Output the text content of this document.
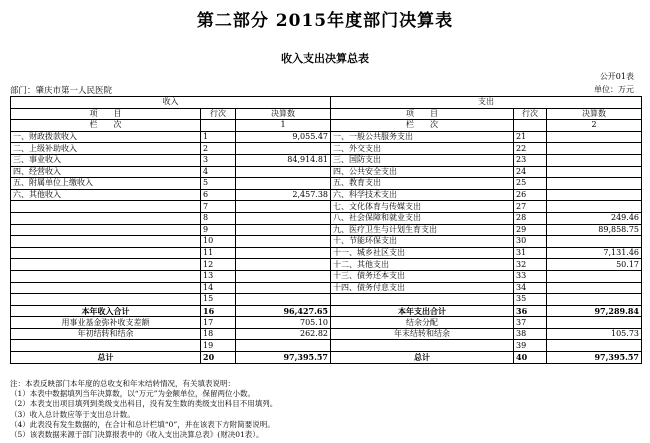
第二部分 2015年度部门决算表
收入支出决算总表
公开01表
部门：肇庆市第一人民医院	单位：万元
收入			支出		
项　　目	行次	决算数	项　　目	行次	决算数
栏　　次		1	栏　　次		2
一、财政拨款收入	1	9,055.47	一、一般公共服务支出	21	
二、上级补助收入	2		二、外交支出	22	
三、事业收入	3	84,914.81	三、国防支出	23	
四、经营收入	4		四、公共安全支出	24	
五、附属单位上缴收入	5		五、教育支出	25	
六、其他收入	6	2,457.38	六、科学技术支出	26	
	7		七、文化体育与传媒支出	27	
	8		八、社会保障和就业支出	28	249.46
	9		九、医疗卫生与计划生育支出	29	89,858.75
	10		十、节能环保支出	30	
	11		十一、城乡社区支出	31	7,131.46
	12		十二、其他支出	32	50.17
	13		十三、债务还本支出	33	
	14		十四、债务付息支出	34	
	15			35	
本年收入合计	16	96,427.65	本年支出合计	36	97,289.84
用事业基金弥补收支差额	17	705.10	结余分配	37	
年初结转和结余	18	262.82	年末结转和结余	38	105.73
	19			39	
总计	20	97,395.57	总计	40	97,395.57
注：本表反映部门本年度的总收支和年末结转情况，有关填表说明：
（1）本表中数据填列当年决算数，以“万元”为金额单位，保留两位小数。
（2）本表支出项目填列到类级支出科目，没有发生数的类级支出科目不用填列。
（3）收入总计数应等于支出总计数。
（4）此表没有发生数据的，在合计和总计栏填“0”，并在该表下方附简要说明。
（5）该表数据来源于部门决算报表中的《收入支出决算总表》(财决01表）。
